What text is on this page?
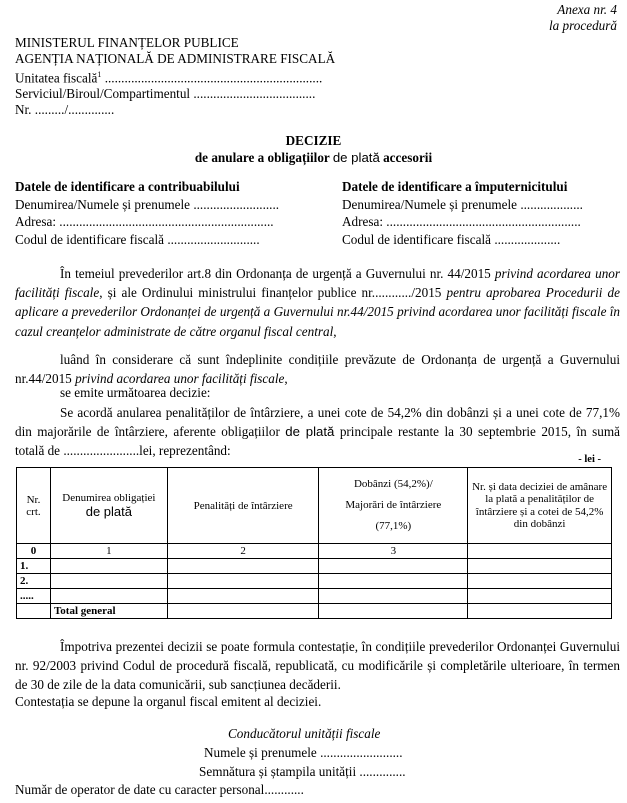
Anexa nr. 4
la procedură
MINISTERUL FINANȚELOR PUBLICE
AGENȚIA NAȚIONALĂ DE ADMINISTRARE FISCALĂ
Unitatea fiscală$^1$ ..................................................................
Serviciul/Biroul/Compartimentul .....................................
Nr. ........./..............
DECIZIE
de anulare a obligațiilor de plată accesorii
Datele de identificare a contribuabilului
Denumirea/Numele și prenumele ..........................
Adresa: .................................................................
Codul de identificare fiscală ............................
Datele de identificare a împuternicitului
Denumirea/Numele și prenumele ...................
Adresa: ...........................................................
Codul de identificare fiscală ....................
În temeiul prevederilor art.8 din Ordonanța de urgență a Guvernului nr. 44/2015 privind acordarea unor facilități fiscale, și ale Ordinului ministrului finanțelor publice nr............/2015 pentru aprobarea Procedurii de aplicare a prevederilor Ordonanței de urgență a Guvernului nr.44/2015 privind acordarea unor facilități fiscale în cazul creanțelor administrate de către organul fiscal central,
luând în considerare că sunt îndeplinite condițiile prevăzute de Ordonanța de urgență a Guvernului nr.44/2015 privind acordarea unor facilități fiscale,
se emite următoarea decizie:
Se acordă anularea penalităților de întârziere, a unei cote de 54,2% din dobânzi și a unei cote de 77,1% din majorările de întârziere, aferente obligațiilor de plată principale restante la 30 septembrie 2015, în sumă totală de .......................lei, reprezentând:
- lei -
Nr. crt.	Denumirea obligației de plată	Penalități de întârziere	Dobânzi (54,2%)/
Majorări de întârziere
(77,1%)	Nr. și data deciziei de amânare la plată a penalităților de întârziere și a cotei de 54,2% din dobânzi
0	1	2	3	
1.				
2.				
.....				
	Total general			
Împotriva prezentei decizii se poate formula contestație, în condițiile prevederilor Ordonanței Guvernului nr. 92/2003 privind Codul de procedură fiscală, republicată, cu modificările și completările ulterioare, în termen de 30 de zile de la data comunicării, sub sancțiunea decăderii.
Contestația se depune la organul fiscal emitent al deciziei.
Conducătorul unității fiscale
Numele și prenumele .........................
Semnătura și ștampila unității ..............
Număr de operator de date cu caracter personal............
